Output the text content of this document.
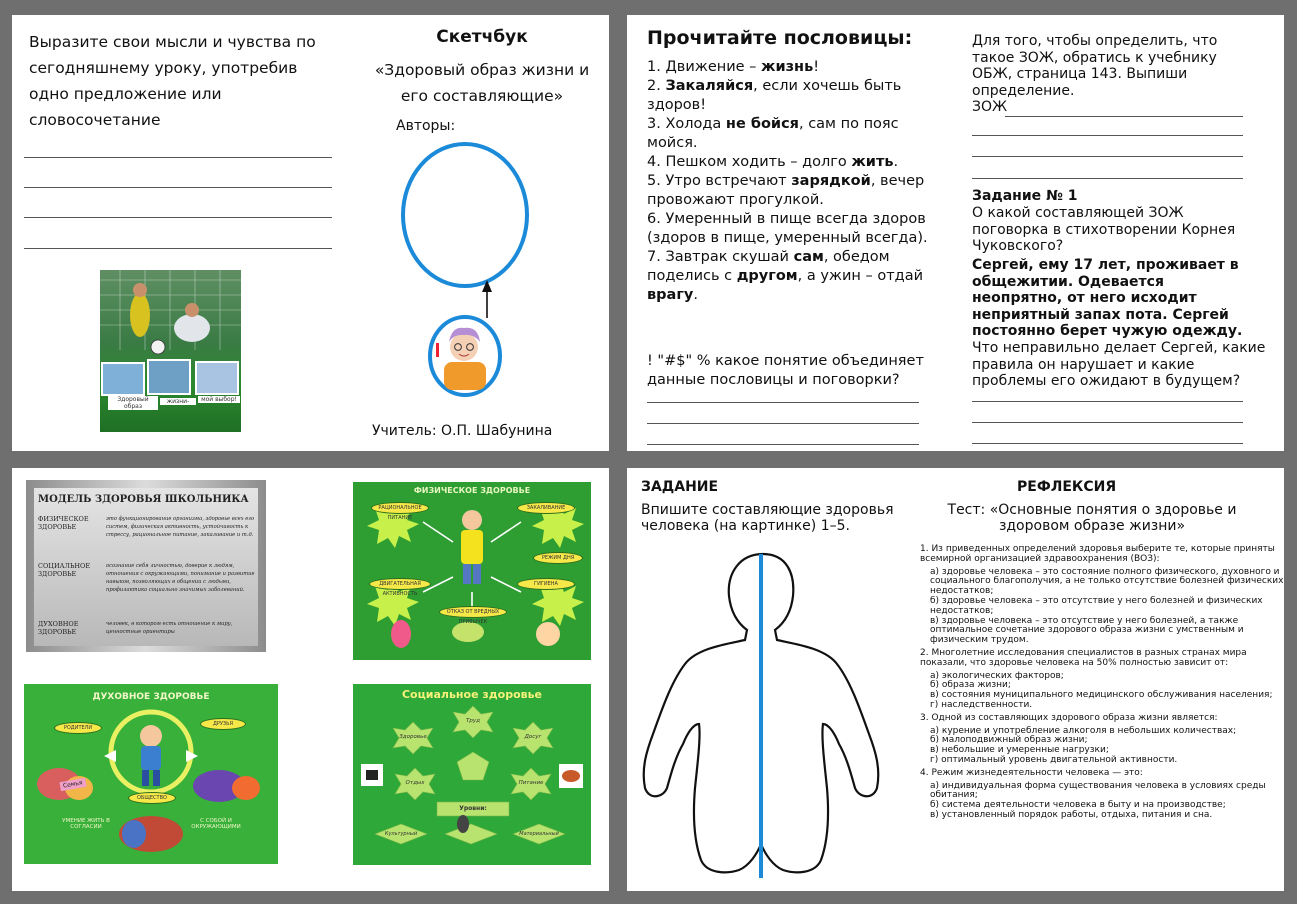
Выразите свои мысли и чувства по сегодняшнему уроку, употребив одно предложение или словосочетание
Здоровый образ
жизни-	мой выбор!
Скетчбук
«Здоровый образ жизни и его составляющие»
Авторы:
Учитель: О.П. Шабунина
Прочитайте пословицы:
1. Движение – жизнь!
2. Закаляйся, если хочешь быть здоров!
3. Холода не бойся, сам по пояс мойся.
4. Пешком ходить – долго жить.
5. Утро встречают зарядкой, вечер провожают прогулкой.
6. Умеренный в пище всегда здоров (здоров в пище, умеренный всегда).
7. Завтрак скушай сам, обедом поделись с другом, а ужин – отдай врагу.
! "#$" % какое понятие объединяет данные пословицы и поговорки?
Для того, чтобы определить, что такое ЗОЖ, обратись к учебнику ОБЖ, страница 143. Выпиши определение.
ЗОЖ
Задание № 1
О какой составляющей ЗОЖ поговорка в стихотворении Корнея Чуковского?
Сергей, ему 17 лет, проживает в общежитии. Одевается неопрятно, от него исходит неприятный запах пота. Сергей постоянно берет чужую одежду.
Что неправильно делает Сергей, какие правила он нарушает и какие проблемы его ожидают в будущем?
МОДЕЛЬ ЗДОРОВЬЯ ШКОЛЬНИКА
ФИЗИЧЕСКОЕ ЗДОРОВЬЕ
это функционирование организма, здоровье всех его систем, физическая активность, устойчивость к стрессу, рациональное питание, закаливание и т.д.
СОЦИАЛЬНОЕ ЗДОРОВЬЕ
осознание себя личностью, доверие к людям, отношения с окружающими, понимание и развитие навыков, позволяющих в общении с людьми, профилактика социально значимых заболеваний.
ДУХОВНОЕ ЗДОРОВЬЕ
человек, в котором есть отношение к миру, ценностные ориентиры
ФИЗИЧЕСКОЕ ЗДОРОВЬЕ
РАЦИОНАЛЬНОЕ ПИТАНИЕ
ЗАКАЛИВАНИЕ
ДВИГАТЕЛЬНАЯ АКТИВНОСТЬ
ГИГИЕНА
ОТКАЗ ОТ ВРЕДНЫХ ПРИВЫЧЕК
РЕЖИМ ДНЯ
ДУХОВНОЕ ЗДОРОВЬЕ
РОДИТЕЛИ
ДРУЗЬЯ
ОБЩЕСТВО
УМЕНИЕ ЖИТЬ В СОГЛАСИИ
С СОБОЙ И ОКРУЖАЮЩИМИ
Семья
Социальное здоровье
Труд
Здоровье	Досуг
Отдых	Питание
Уровни:
Культурный	Материальный
ЗАДАНИЕ
Впишите составляющие здоровья человека (на картинке) 1–5.
РЕФЛЕКСИЯ
Тест: «Основные понятия о здоровье и здоровом образе жизни»

1. Из приведенных определений здоровья выберите те, которые приняты всемирной организацией здравоохранения (ВОЗ):

а) здоровье человека – это состояние полного физического, духовного и социального благополучия, а не только отсутствие болезней физических недостатков;
б) здоровье человека – это отсутствие у него болезней и физических недостатков;
в) здоровье человека – это отсутствие у него болезней, а также оптимальное сочетание здорового образа жизни с умственным и физическим трудом.

2. Многолетние исследования специалистов в разных странах мира показали, что здоровье человека на 50% полностью зависит от:

а) экологических факторов;
б) образа жизни;
в) состояния муниципального медицинского обслуживания населения;
г) наследственности.

3. Одной из составляющих здорового образа жизни является:

а) курение и употребление алкоголя в небольших количествах;
б) малоподвижный образ жизни;
в) небольшие и умеренные нагрузки;
г) оптимальный уровень двигательной активности.

4. Режим жизнедеятельности человека — это:

а) индивидуальная форма существования человека в условиях среды обитания;
б) система деятельности человека в быту и на производстве;
в) установленный порядок работы, отдыха, питания и сна.
